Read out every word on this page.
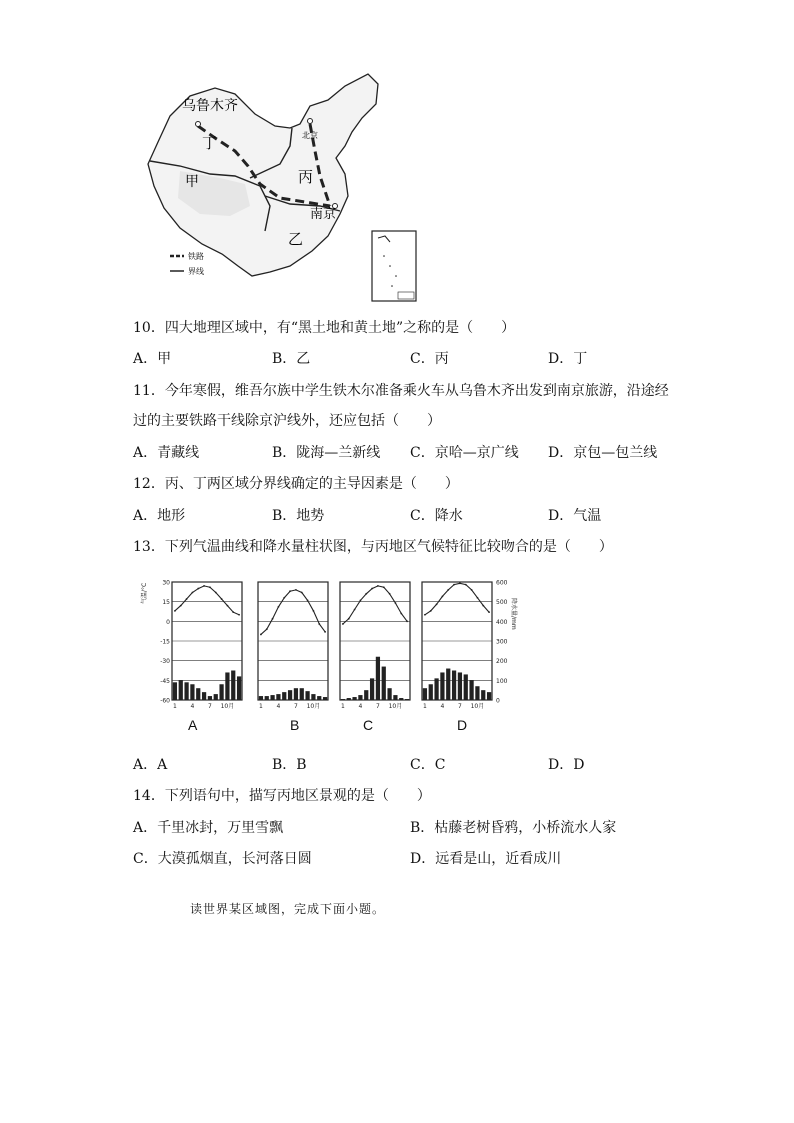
乌鲁木齐
北京
南京
丁
甲	丙
乙
铁路
界线
10．四大地理区域中，有“黑土地和黄土地”之称的是（　　）
A．甲	B．乙	C．丙	D．丁
11．今年寒假，维吾尔族中学生铁木尔准备乘火车从乌鲁木齐出发到南京旅游，沿途经
过的主要铁路干线除京沪线外，还应包括（　　）
A．青藏线	B．陇海—兰新线 C．京哈—京广线 D．京包—包兰线
12．丙、丁两区域分界线确定的主导因素是（　　）
A．地形	B．地势	C．降水	D．气温
13．下列气温曲线和降水量柱状图，与丙地区气候特征比较吻合的是（　　）
30
15
0
-15
-30
-45
-60
气温/°C	600
500
400
300
200
100
0
降水量/mm
1 4 7 10月	1 4 7 10月	1 4 7 10月	1 4 7 10月
A	B	C	D
A．A	B．B	C．C	D．D
14．下列语句中，描写丙地区景观的是（　　）
A．千里冰封，万里雪飘	B．枯藤老树昏鸦，小桥流水人家
C．大漠孤烟直，长河落日圆	D．远看是山，近看成川
读世界某区域图，完成下面小题。
